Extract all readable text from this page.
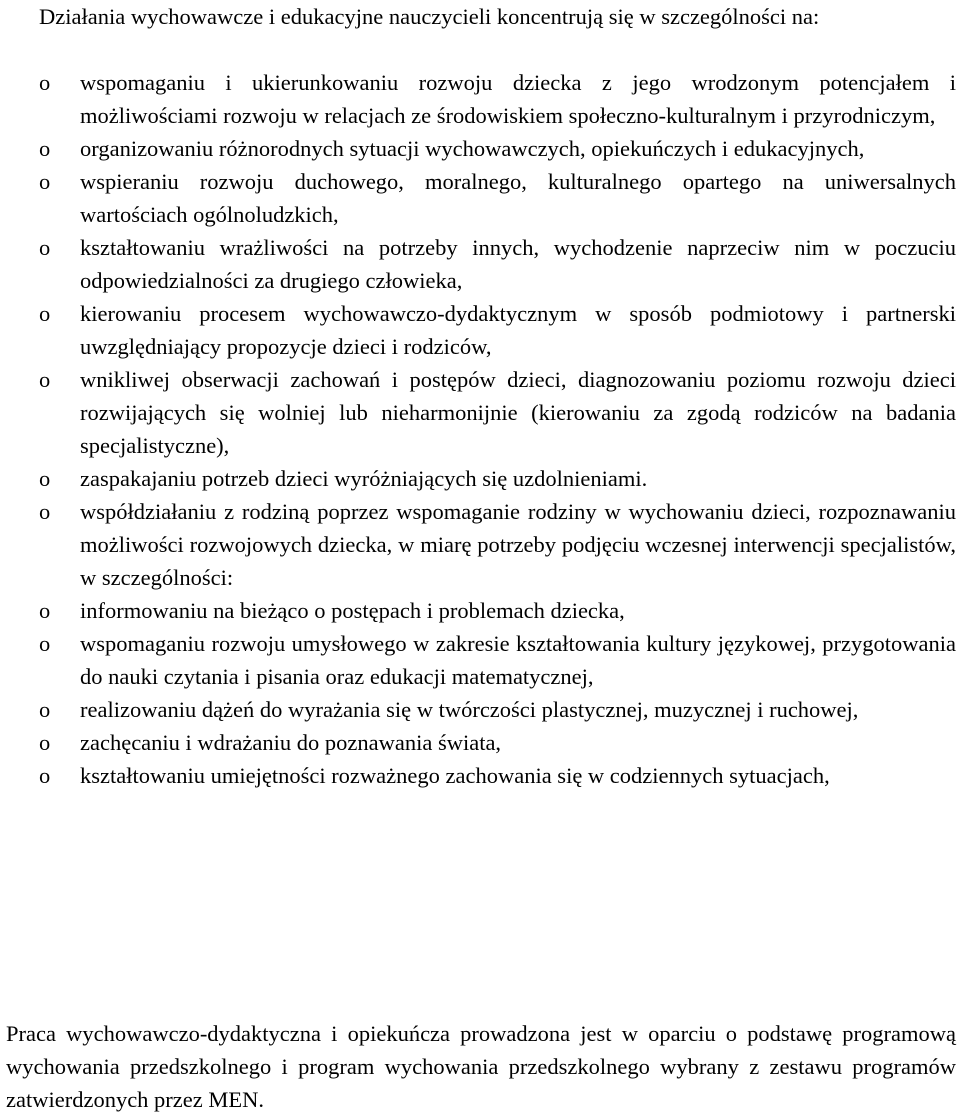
Działania wychowawcze i edukacyjne nauczycieli koncentrują się w szczególności na:

o wspomaganiu i ukierunkowaniu rozwoju dziecka z jego wrodzonym potencjałem i możliwościami rozwoju w relacjach ze środowiskiem społeczno-kulturalnym i przyrodniczym,
o organizowaniu różnorodnych sytuacji wychowawczych, opiekuńczych i edukacyjnych,
o wspieraniu rozwoju duchowego, moralnego, kulturalnego opartego na uniwersalnych wartościach ogólnoludzkich,
o kształtowaniu wrażliwości na potrzeby innych, wychodzenie naprzeciw nim w poczuciu odpowiedzialności za drugiego człowieka,
o kierowaniu procesem wychowawczo-dydaktycznym w sposób podmiotowy i partnerski uwzględniający propozycje dzieci i rodziców,
o wnikliwej obserwacji zachowań i postępów dzieci, diagnozowaniu poziomu rozwoju dzieci rozwijających się wolniej lub nieharmonijnie (kierowaniu za zgodą rodziców na badania specjalistyczne),
o zaspakajaniu potrzeb dzieci wyróżniających się uzdolnieniami.
o współdziałaniu z rodziną poprzez wspomaganie rodziny w wychowaniu dzieci, rozpoznawaniu możliwości rozwojowych dziecka, w miarę potrzeby podjęciu wczesnej interwencji specjalistów, w szczególności:
o informowaniu na bieżąco o postępach i problemach dziecka,
o wspomaganiu rozwoju umysłowego w zakresie kształtowania kultury językowej, przygotowania do nauki czytania i pisania oraz edukacji matematycznej,
o realizowaniu dążeń do wyrażania się w twórczości plastycznej, muzycznej i ruchowej,
o zachęcaniu i wdrażaniu do poznawania świata,
o kształtowaniu umiejętności rozważnego zachowania się w codziennych sytuacjach,

Praca wychowawczo-dydaktyczna i opiekuńcza prowadzona jest w oparciu o podstawę programową wychowania przedszkolnego i program wychowania przedszkolnego wybrany z zestawu programów zatwierdzonych przez MEN.
